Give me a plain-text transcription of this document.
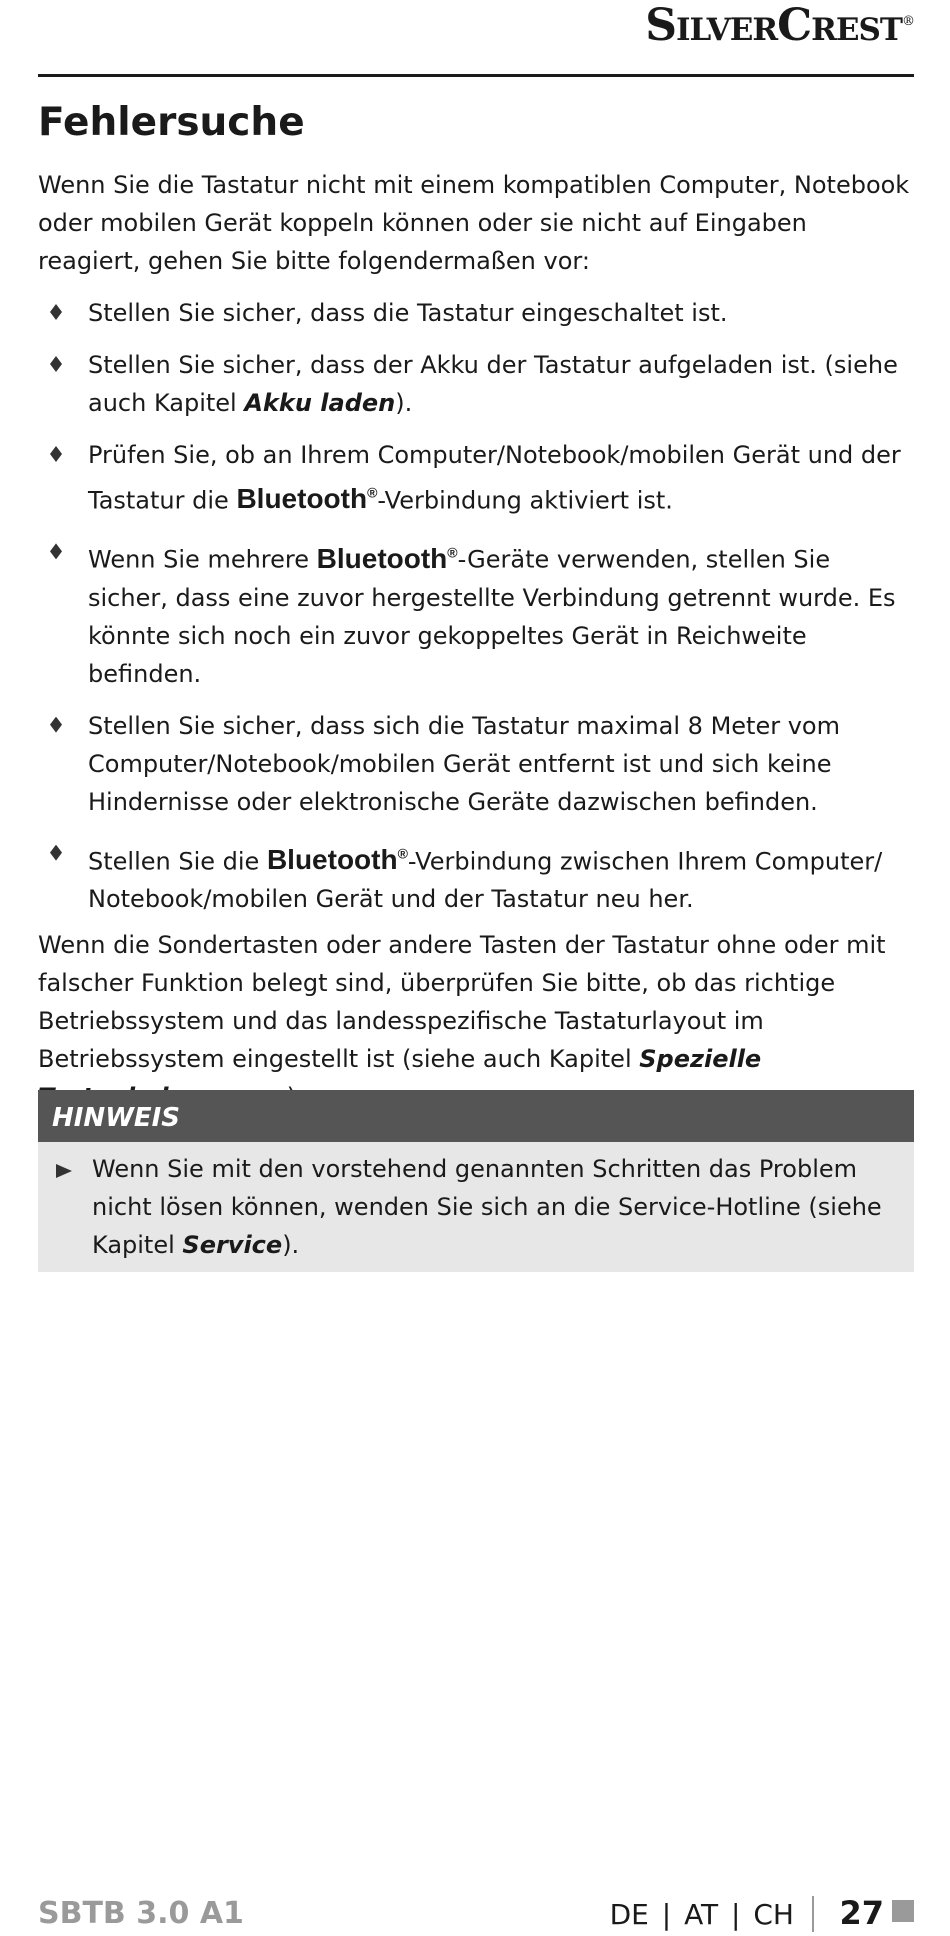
SilverCrest®
Fehlersuche

Wenn Sie die Tastatur nicht mit einem kompatiblen Computer, Notebook oder mobilen Gerät koppeln können oder sie nicht auf Eingaben reagiert, gehen Sie bitte folgendermaßen vor:

Stellen Sie sicher, dass die Tastatur eingeschaltet ist.
Stellen Sie sicher, dass der Akku der Tastatur aufgeladen ist. (siehe auch Kapitel Akku laden).
Prüfen Sie, ob an Ihrem Computer/Notebook/mobilen Gerät und der Tastatur die Bluetooth®-Verbindung aktiviert ist.
Wenn Sie mehrere Bluetooth®-Geräte verwenden, stellen Sie sicher, dass eine zuvor hergestellte Verbindung getrennt wurde. Es könnte sich noch ein zuvor gekoppeltes Gerät in Reichweite befinden.
Stellen Sie sicher, dass sich die Tastatur maximal 8 Meter vom Computer/Notebook/mobilen Gerät entfernt ist und sich keine Hindernisse oder elektronische Geräte dazwischen befinden.
Stellen Sie die Bluetooth®-Verbindung zwischen Ihrem Computer/ Notebook/mobilen Gerät und der Tastatur neu her.

Wenn die Sondertasten oder andere Tasten der Tastatur ohne oder mit falscher Funktion belegt sind, überprüfen Sie bitte, ob das richtige Betriebssystem und das landesspezifische Tastaturlayout im Betriebssystem eingestellt ist (siehe auch Kapitel Spezielle

HINWEIS
Wenn Sie mit den vorstehend genannten Schritten das Problem nicht lösen können, wenden Sie sich an die Service-Hotline (siehe Kapitel Service).
SBTB 3.0 A1	DE | AT | CH 27
